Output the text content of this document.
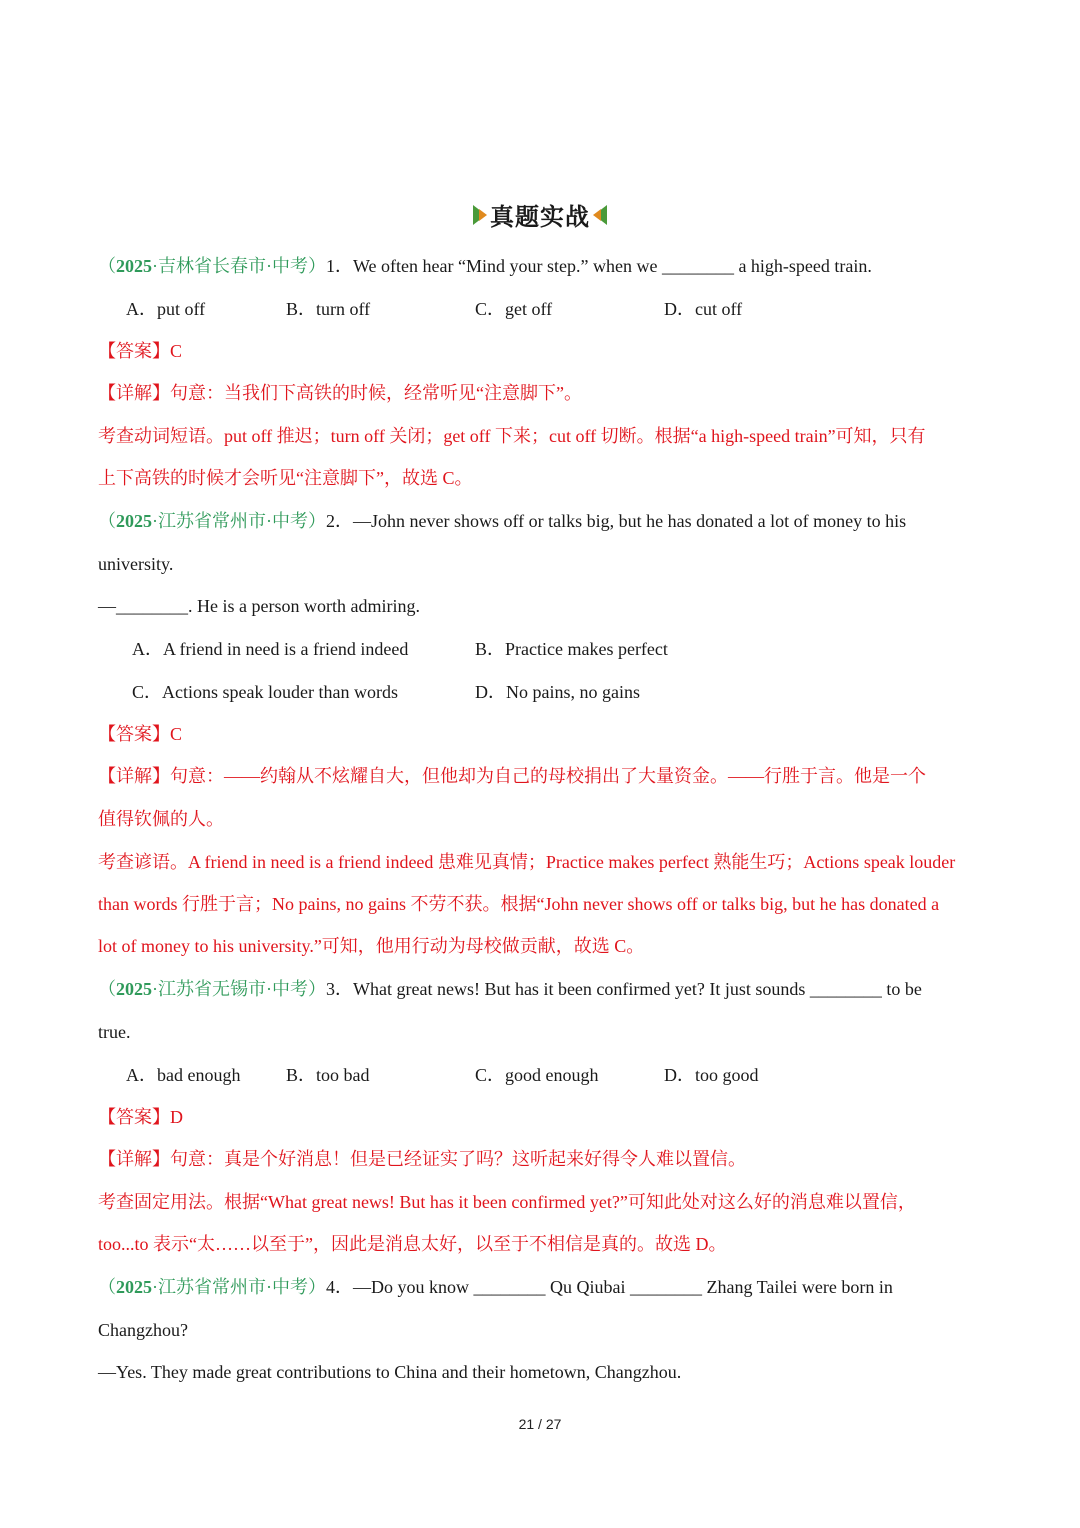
真题实战
（2025·吉林省长春市·中考）1．We often hear “Mind your step.” when we ________ a high-speed train.
A．put off	B．turn off	C．get off	D．cut off
【答案】C
【详解】句意：当我们下高铁的时候，经常听见“注意脚下”。
考查动词短语。put off 推迟；turn off 关闭；get off 下来；cut off 切断。根据“a high-speed train”可知，只有
上下高铁的时候才会听见“注意脚下”，故选 C。
（2025·江苏省常州市·中考）2．—John never shows off or talks big, but he has donated a lot of money to his
university.
—________. He is a person worth admiring.
A．A friend in need is a friend indeed	B．Practice makes perfect
C．Actions speak louder than words	D．No pains, no gains
【答案】C
【详解】句意：——约翰从不炫耀自大，但他却为自己的母校捐出了大量资金。——行胜于言。他是一个
值得钦佩的人。
考查谚语。A friend in need is a friend indeed 患难见真情；Practice makes perfect 熟能生巧；Actions speak louder
than words 行胜于言；No pains, no gains 不劳不获。根据“John never shows off or talks big, but he has donated a
lot of money to his university.”可知，他用行动为母校做贡献，故选 C。
（2025·江苏省无锡市·中考）3．What great news! But has it been confirmed yet? It just sounds ________ to be
true.
A．bad enough	B．too bad	C．good enough	D．too good
【答案】D
【详解】句意：真是个好消息！但是已经证实了吗？这听起来好得令人难以置信。
考查固定用法。根据“What great news! But has it been confirmed yet?”可知此处对这么好的消息难以置信，
too...to 表示“太……以至于”，因此是消息太好，以至于不相信是真的。故选 D。
（2025·江苏省常州市·中考）4．—Do you know ________ Qu Qiubai ________ Zhang Tailei were born in
Changzhou?
—Yes. They made great contributions to China and their hometown, Changzhou.
21 / 27
